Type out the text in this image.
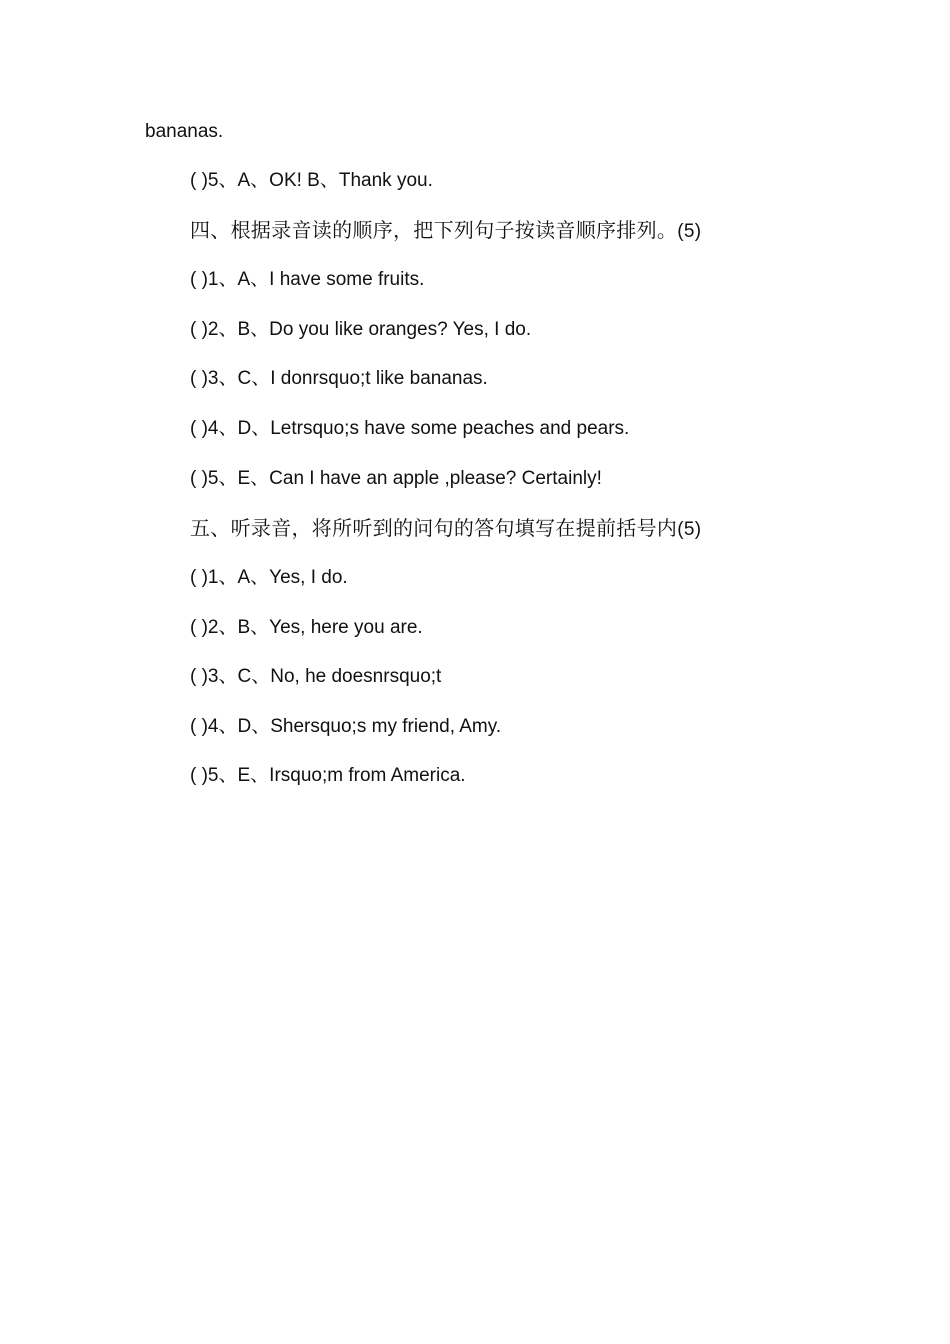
bananas.
( )5、A、OK! B、Thank you.
四、根据录音读的顺序，把下列句子按读音顺序排列。(5)
( )1、A、I have some fruits.
( )2、B、Do you like oranges? Yes, I do.
( )3、C、I donrsquo;t like bananas.
( )4、D、Letrsquo;s have some peaches and pears.
( )5、E、Can I have an apple ,please? Certainly!
五、听录音，将所听到的问句的答句填写在提前括号内(5)
( )1、A、Yes, I do.
( )2、B、Yes, here you are.
( )3、C、No, he doesnrsquo;t
( )4、D、Shersquo;s my friend, Amy.
( )5、E、Irsquo;m from America.
